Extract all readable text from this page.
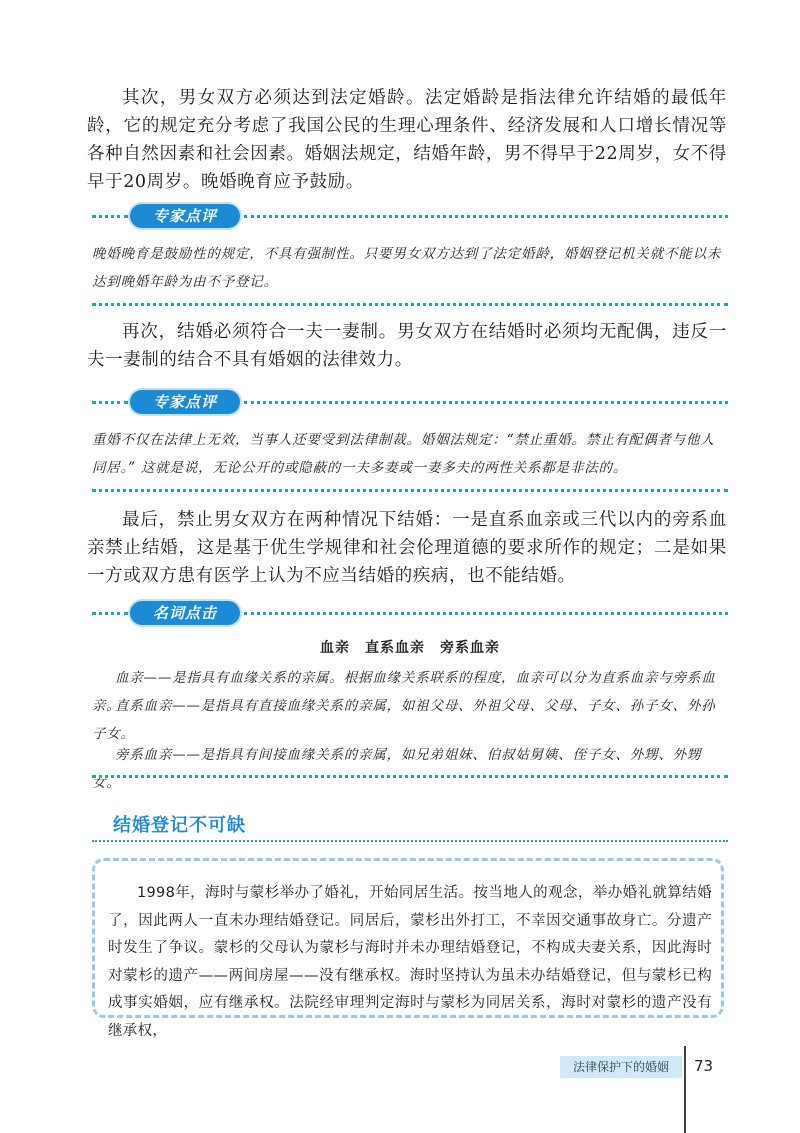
其次，男女双方必须达到法定婚龄。法定婚龄是指法律允许结婚的最低年龄，它的规定充分考虑了我国公民的生理心理条件、经济发展和人口增长情况等各种自然因素和社会因素。婚姻法规定，结婚年龄，男不得早于22周岁，女不得早于20周岁。晚婚晚育应予鼓励。

专家点评

晚婚晚育是鼓励性的规定，不具有强制性。只要男女双方达到了法定婚龄，婚姻登记机关就不能以未达到晚婚年龄为由不予登记。

再次，结婚必须符合一夫一妻制。男女双方在结婚时必须均无配偶，违反一夫一妻制的结合不具有婚姻的法律效力。

专家点评

重婚不仅在法律上无效，当事人还要受到法律制裁。婚姻法规定：“禁止重婚。禁止有配偶者与他人同居。” 这就是说，无论公开的或隐蔽的一夫多妻或一妻多夫的两性关系都是非法的。

最后，禁止男女双方在两种情况下结婚：一是直系血亲或三代以内的旁系血亲禁止结婚，这是基于优生学规律和社会伦理道德的要求所作的规定；二是如果一方或双方患有医学上认为不应当结婚的疾病，也不能结婚。

名词点击
血亲　直系血亲　旁系血亲

血亲——是指具有血缘关系的亲属。根据血缘关系联系的程度，血亲可以分为直系血亲与旁系血亲。

直系血亲——是指具有直接血缘关系的亲属，如祖父母、外祖父母、父母、子女、孙子女、外孙子女。

旁系血亲——是指具有间接血缘关系的亲属，如兄弟姐妹、伯叔姑舅姨、侄子女、外甥、外甥女。

结婚登记不可缺

1998年，海时与蒙杉举办了婚礼，开始同居生活。按当地人的观念，举办婚礼就算结婚了，因此两人一直未办理结婚登记。同居后，蒙杉出外打工，不幸因交通事故身亡。分遗产时发生了争议。蒙杉的父母认为蒙杉与海时并未办理结婚登记，不构成夫妻关系，因此海时对蒙杉的遗产——两间房屋——没有继承权。海时坚持认为虽未办结婚登记，但与蒙杉已构成事实婚姻，应有继承权。法院经审理判定海时与蒙杉为同居关系，海时对蒙杉的遗产没有继承权，

法律保护下的婚姻	73
